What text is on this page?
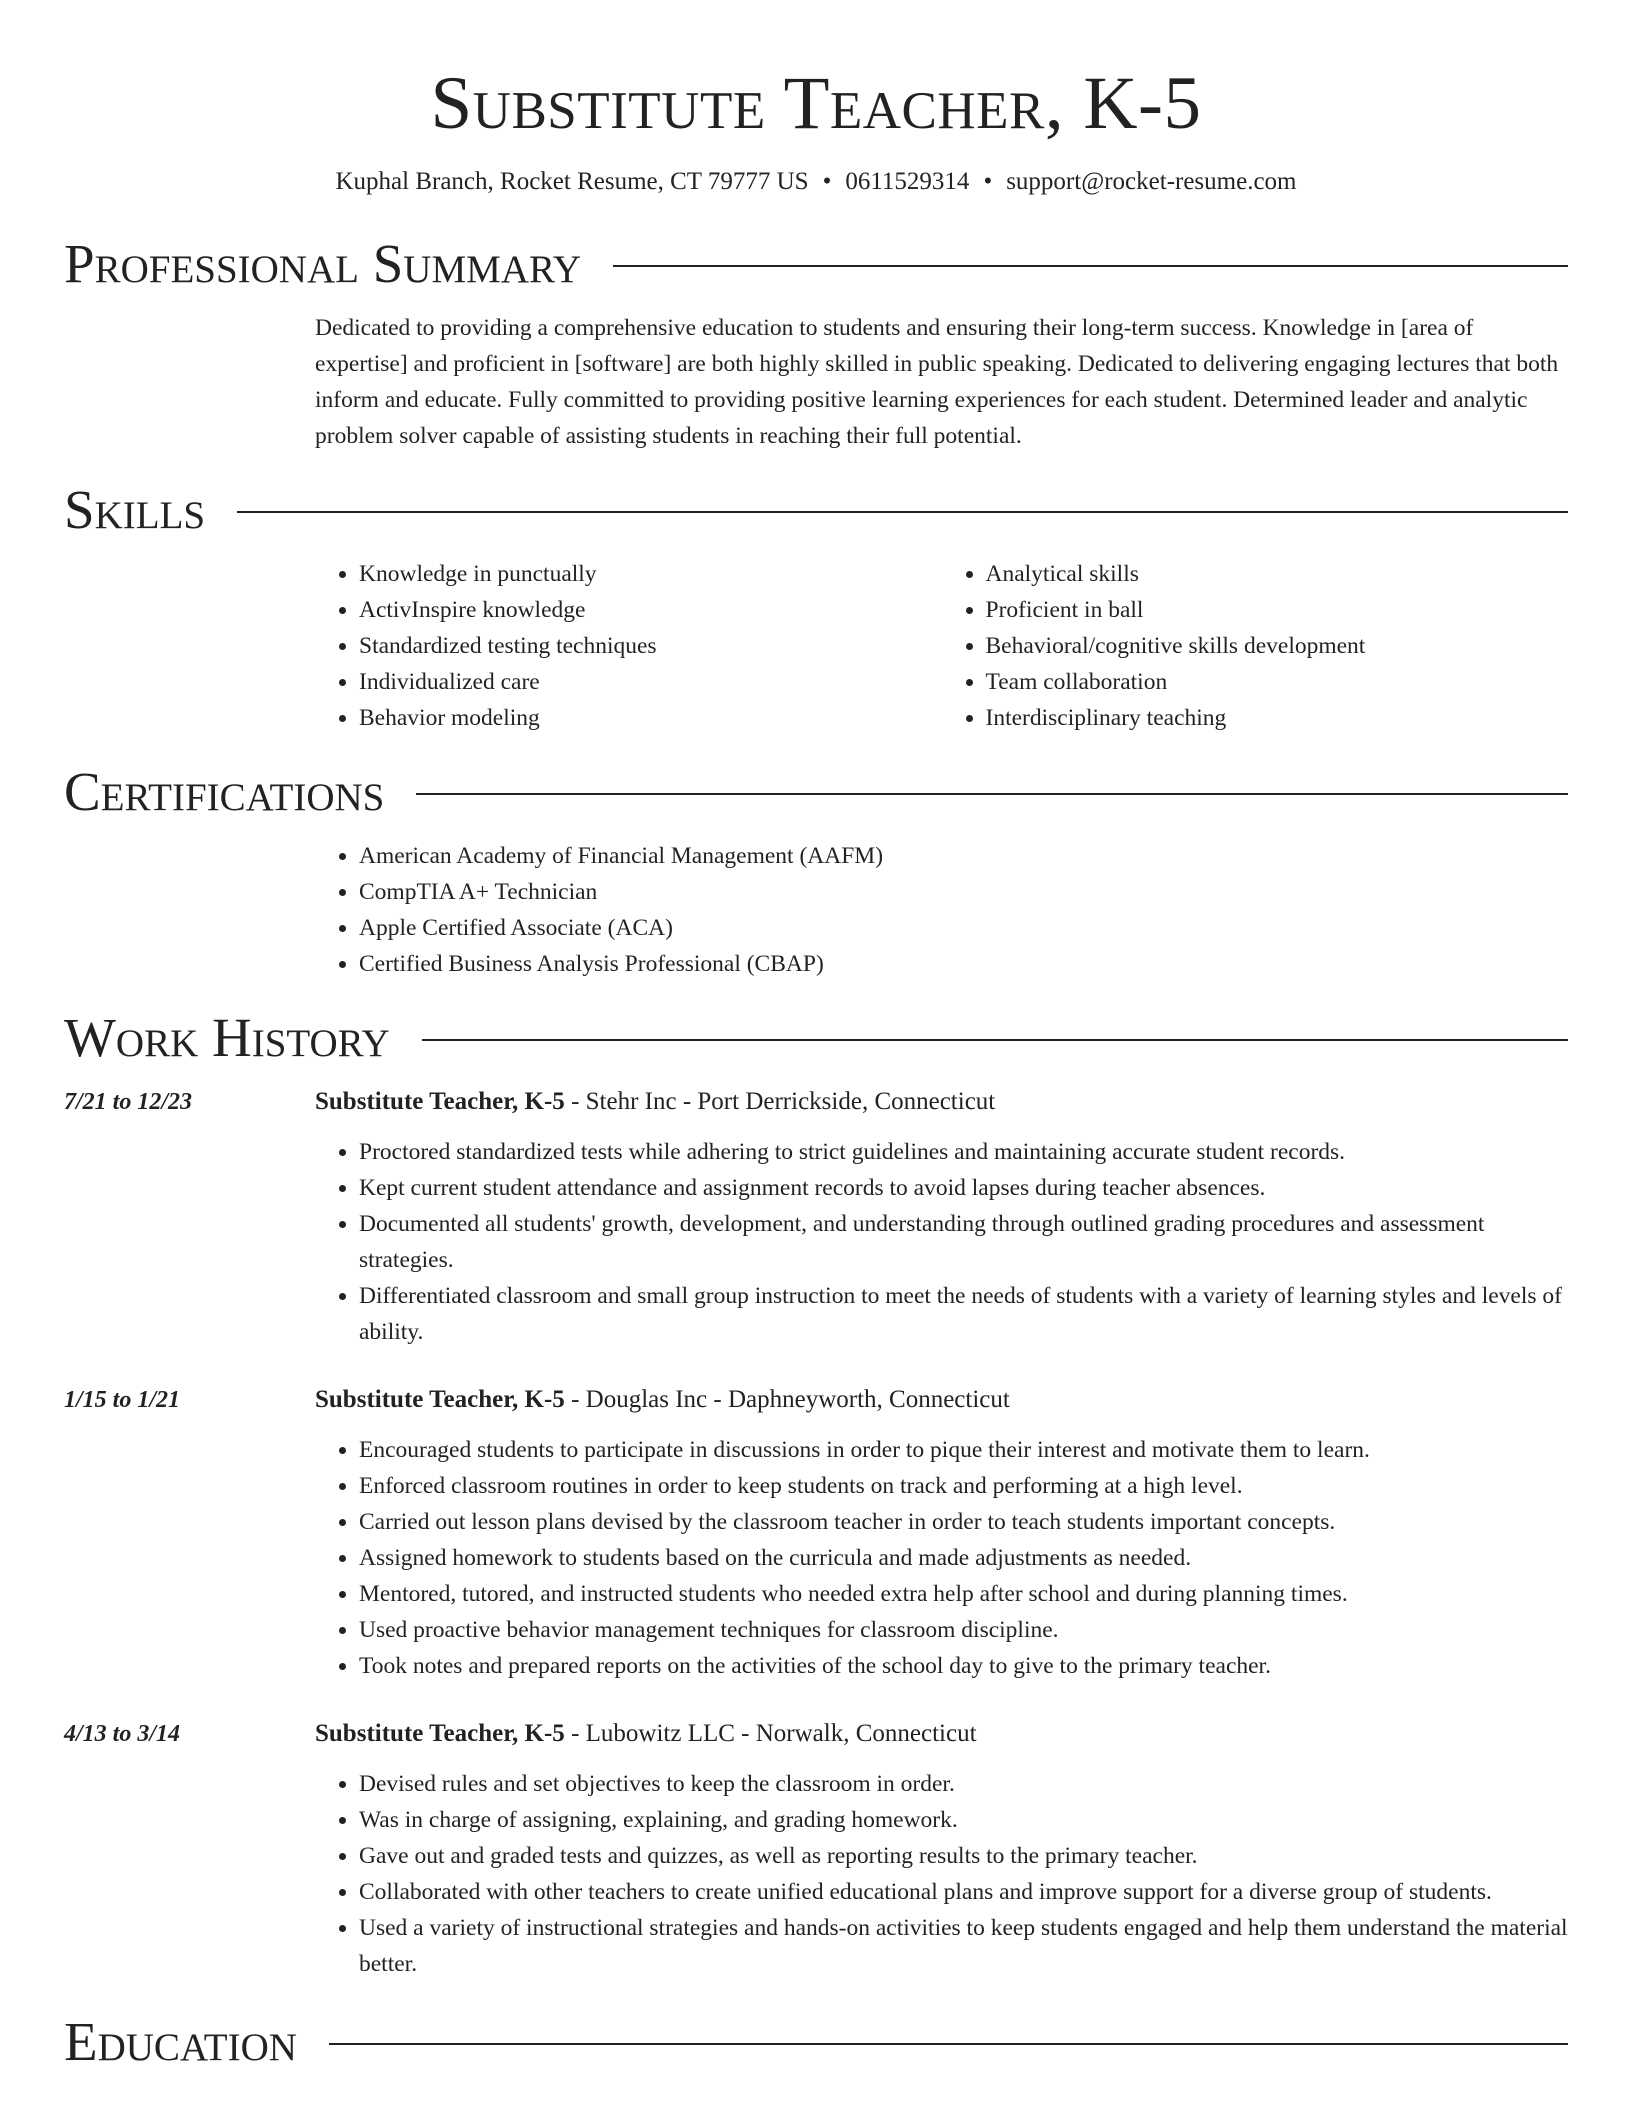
Substitute Teacher, K-5
Kuphal Branch, Rocket Resume, CT 79777 US • 0611529314 • support@rocket-resume.com
Professional Summary

Dedicated to providing a comprehensive education to students and ensuring their long-term success. Knowledge in [area of expertise] and proficient in [software] are both highly skilled in public speaking. Dedicated to delivering engaging lectures that both inform and educate. Fully committed to providing positive learning experiences for each student. Determined leader and analytic problem solver capable of assisting students in reaching their full potential.

Skills
• Knowledge in punctually
• ActivInspire knowledge
• Standardized testing techniques
• Individualized care
• Behavior modeling
• Analytical skills
• Proficient in ball
• Behavioral/cognitive skills development
• Team collaboration
• Interdisciplinary teaching
Certifications
• American Academy of Financial Management (AAFM)
• CompTIA A+ Technician
• Apple Certified Associate (ACA)
• Certified Business Analysis Professional (CBAP)
Work History
7/21 to 12/23	Substitute Teacher, K-5 - Stehr Inc - Port Derrickside, Connecticut
• Proctored standardized tests while adhering to strict guidelines and maintaining accurate student records.
• Kept current student attendance and assignment records to avoid lapses during teacher absences.
• Documented all students' growth, development, and understanding through outlined grading procedures and assessment strategies.
• Differentiated classroom and small group instruction to meet the needs of students with a variety of learning styles and levels of ability.
1/15 to 1/21	Substitute Teacher, K-5 - Douglas Inc - Daphneyworth, Connecticut
• Encouraged students to participate in discussions in order to pique their interest and motivate them to learn.
• Enforced classroom routines in order to keep students on track and performing at a high level.
• Carried out lesson plans devised by the classroom teacher in order to teach students important concepts.
• Assigned homework to students based on the curricula and made adjustments as needed.
• Mentored, tutored, and instructed students who needed extra help after school and during planning times.
• Used proactive behavior management techniques for classroom discipline.
• Took notes and prepared reports on the activities of the school day to give to the primary teacher.
4/13 to 3/14	Substitute Teacher, K-5 - Lubowitz LLC - Norwalk, Connecticut
• Devised rules and set objectives to keep the classroom in order.
• Was in charge of assigning, explaining, and grading homework.
• Gave out and graded tests and quizzes, as well as reporting results to the primary teacher.
• Collaborated with other teachers to create unified educational plans and improve support for a diverse group of students.
• Used a variety of instructional strategies and hands-on activities to keep students engaged and help them understand the material better.
Education
